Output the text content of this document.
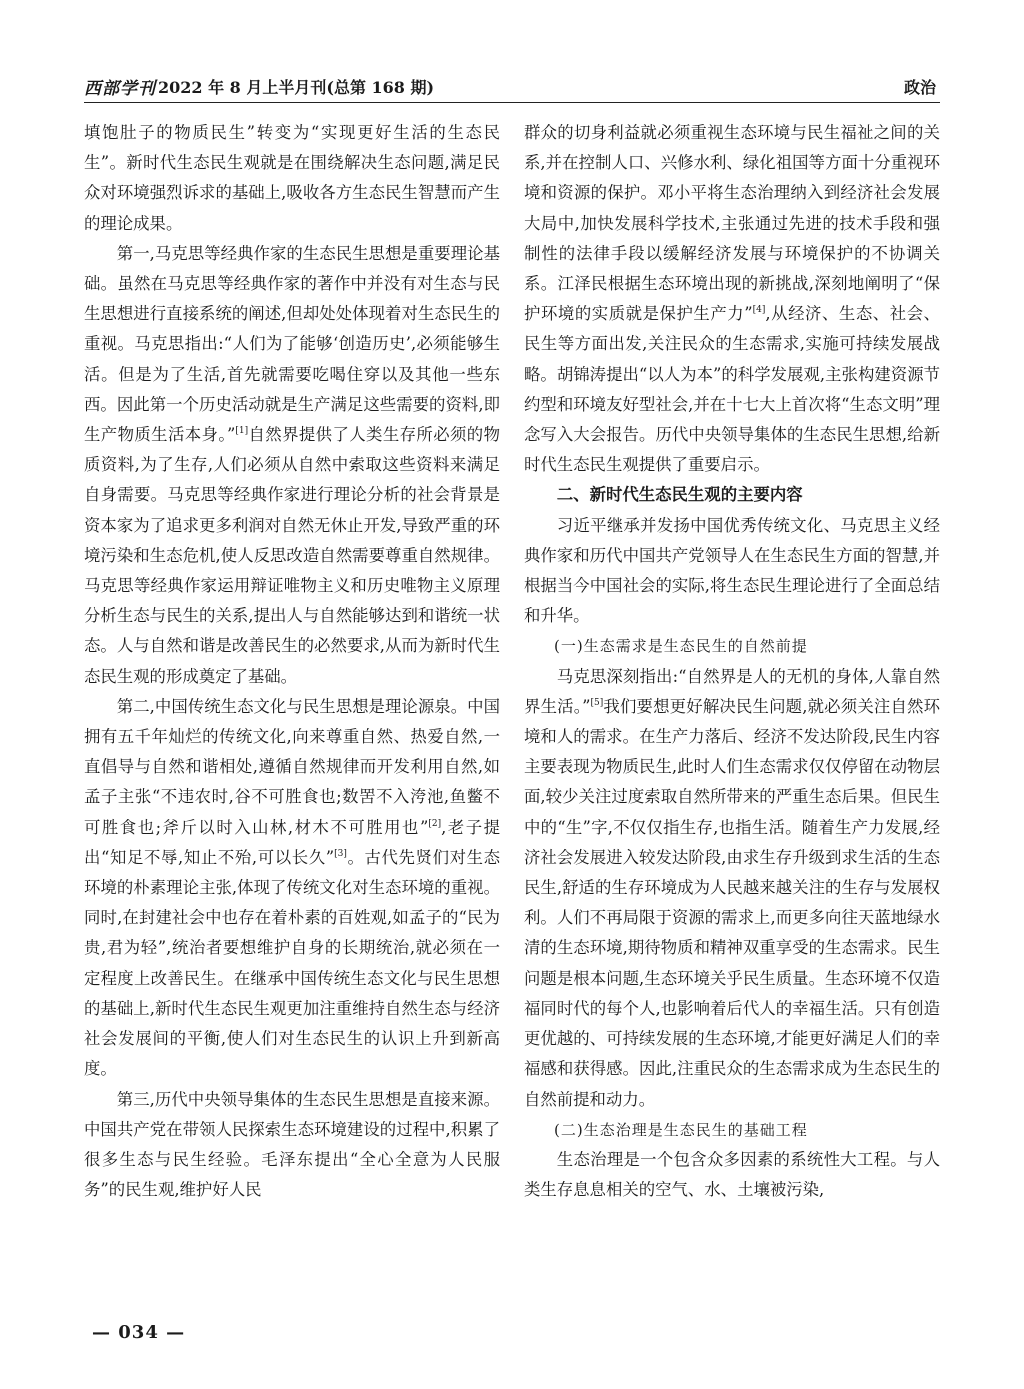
西部学刊 2022 年 8 月上半月刊(总第 168 期)	政治

填饱肚子的物质民生”转变为“实现更好生活的生态民生”。新时代生态民生观就是在围绕解决生态问题,满足民众对环境强烈诉求的基础上,吸收各方生态民生智慧而产生的理论成果。

第一,马克思等经典作家的生态民生思想是重要理论基础。虽然在马克思等经典作家的著作中并没有对生态与民生思想进行直接系统的阐述,但却处处体现着对生态民生的重视。马克思指出:“人们为了能够‘创造历史’,必须能够生活。但是为了生活,首先就需要吃喝住穿以及其他一些东西。因此第一个历史活动就是生产满足这些需要的资料,即生产物质生活本身。”[1]自然界提供了人类生存所必须的物质资料,为了生存,人们必须从自然中索取这些资料来满足自身需要。马克思等经典作家进行理论分析的社会背景是资本家为了追求更多利润对自然无休止开发,导致严重的环境污染和生态危机,使人反思改造自然需要尊重自然规律。马克思等经典作家运用辩证唯物主义和历史唯物主义原理分析生态与民生的关系,提出人与自然能够达到和谐统一状态。人与自然和谐是改善民生的必然要求,从而为新时代生态民生观的形成奠定了基础。

第二,中国传统生态文化与民生思想是理论源泉。中国拥有五千年灿烂的传统文化,向来尊重自然、热爱自然,一直倡导与自然和谐相处,遵循自然规律而开发利用自然,如孟子主张“不违农时,谷不可胜食也;数罟不入洿池,鱼鳖不可胜食也;斧斤以时入山林,材木不可胜用也”[2],老子提出“知足不辱,知止不殆,可以长久”[3]。古代先贤们对生态环境的朴素理论主张,体现了传统文化对生态环境的重视。同时,在封建社会中也存在着朴素的百姓观,如孟子的“民为贵,君为轻”,统治者要想维护自身的长期统治,就必须在一定程度上改善民生。在继承中国传统生态文化与民生思想的基础上,新时代生态民生观更加注重维持自然生态与经济社会发展间的平衡,使人们对生态民生的认识上升到新高度。

第三,历代中央领导集体的生态民生思想是直接来源。中国共产党在带领人民探索生态环境建设的过程中,积累了很多生态与民生经验。毛泽东提出“全心全意为人民服务”的民生观,维护好人民

群众的切身利益就必须重视生态环境与民生福祉之间的关系,并在控制人口、兴修水利、绿化祖国等方面十分重视环境和资源的保护。邓小平将生态治理纳入到经济社会发展大局中,加快发展科学技术,主张通过先进的技术手段和强制性的法律手段以缓解经济发展与环境保护的不协调关系。江泽民根据生态环境出现的新挑战,深刻地阐明了“保护环境的实质就是保护生产力”[4],从经济、生态、社会、民生等方面出发,关注民众的生态需求,实施可持续发展战略。胡锦涛提出“以人为本”的科学发展观,主张构建资源节约型和环境友好型社会,并在十七大上首次将“生态文明”理念写入大会报告。历代中央领导集体的生态民生思想,给新时代生态民生观提供了重要启示。

二、新时代生态民生观的主要内容

习近平继承并发扬中国优秀传统文化、马克思主义经典作家和历代中国共产党领导人在生态民生方面的智慧,并根据当今中国社会的实际,将生态民生理论进行了全面总结和升华。

(一)生态需求是生态民生的自然前提

马克思深刻指出:“自然界是人的无机的身体,人靠自然界生活。”[5]我们要想更好解决民生问题,就必须关注自然环境和人的需求。在生产力落后、经济不发达阶段,民生内容主要表现为物质民生,此时人们生态需求仅仅停留在动物层面,较少关注过度索取自然所带来的严重生态后果。但民生中的“生”字,不仅仅指生存,也指生活。随着生产力发展,经济社会发展进入较发达阶段,由求生存升级到求生活的生态民生,舒适的生存环境成为人民越来越关注的生存与发展权利。人们不再局限于资源的需求上,而更多向往天蓝地绿水清的生态环境,期待物质和精神双重享受的生态需求。民生问题是根本问题,生态环境关乎民生质量。生态环境不仅造福同时代的每个人,也影响着后代人的幸福生活。只有创造更优越的、可持续发展的生态环境,才能更好满足人们的幸福感和获得感。因此,注重民众的生态需求成为生态民生的自然前提和动力。

(二)生态治理是生态民生的基础工程

生态治理是一个包含众多因素的系统性大工程。与人类生存息息相关的空气、水、土壤被污染,

— 034 —
